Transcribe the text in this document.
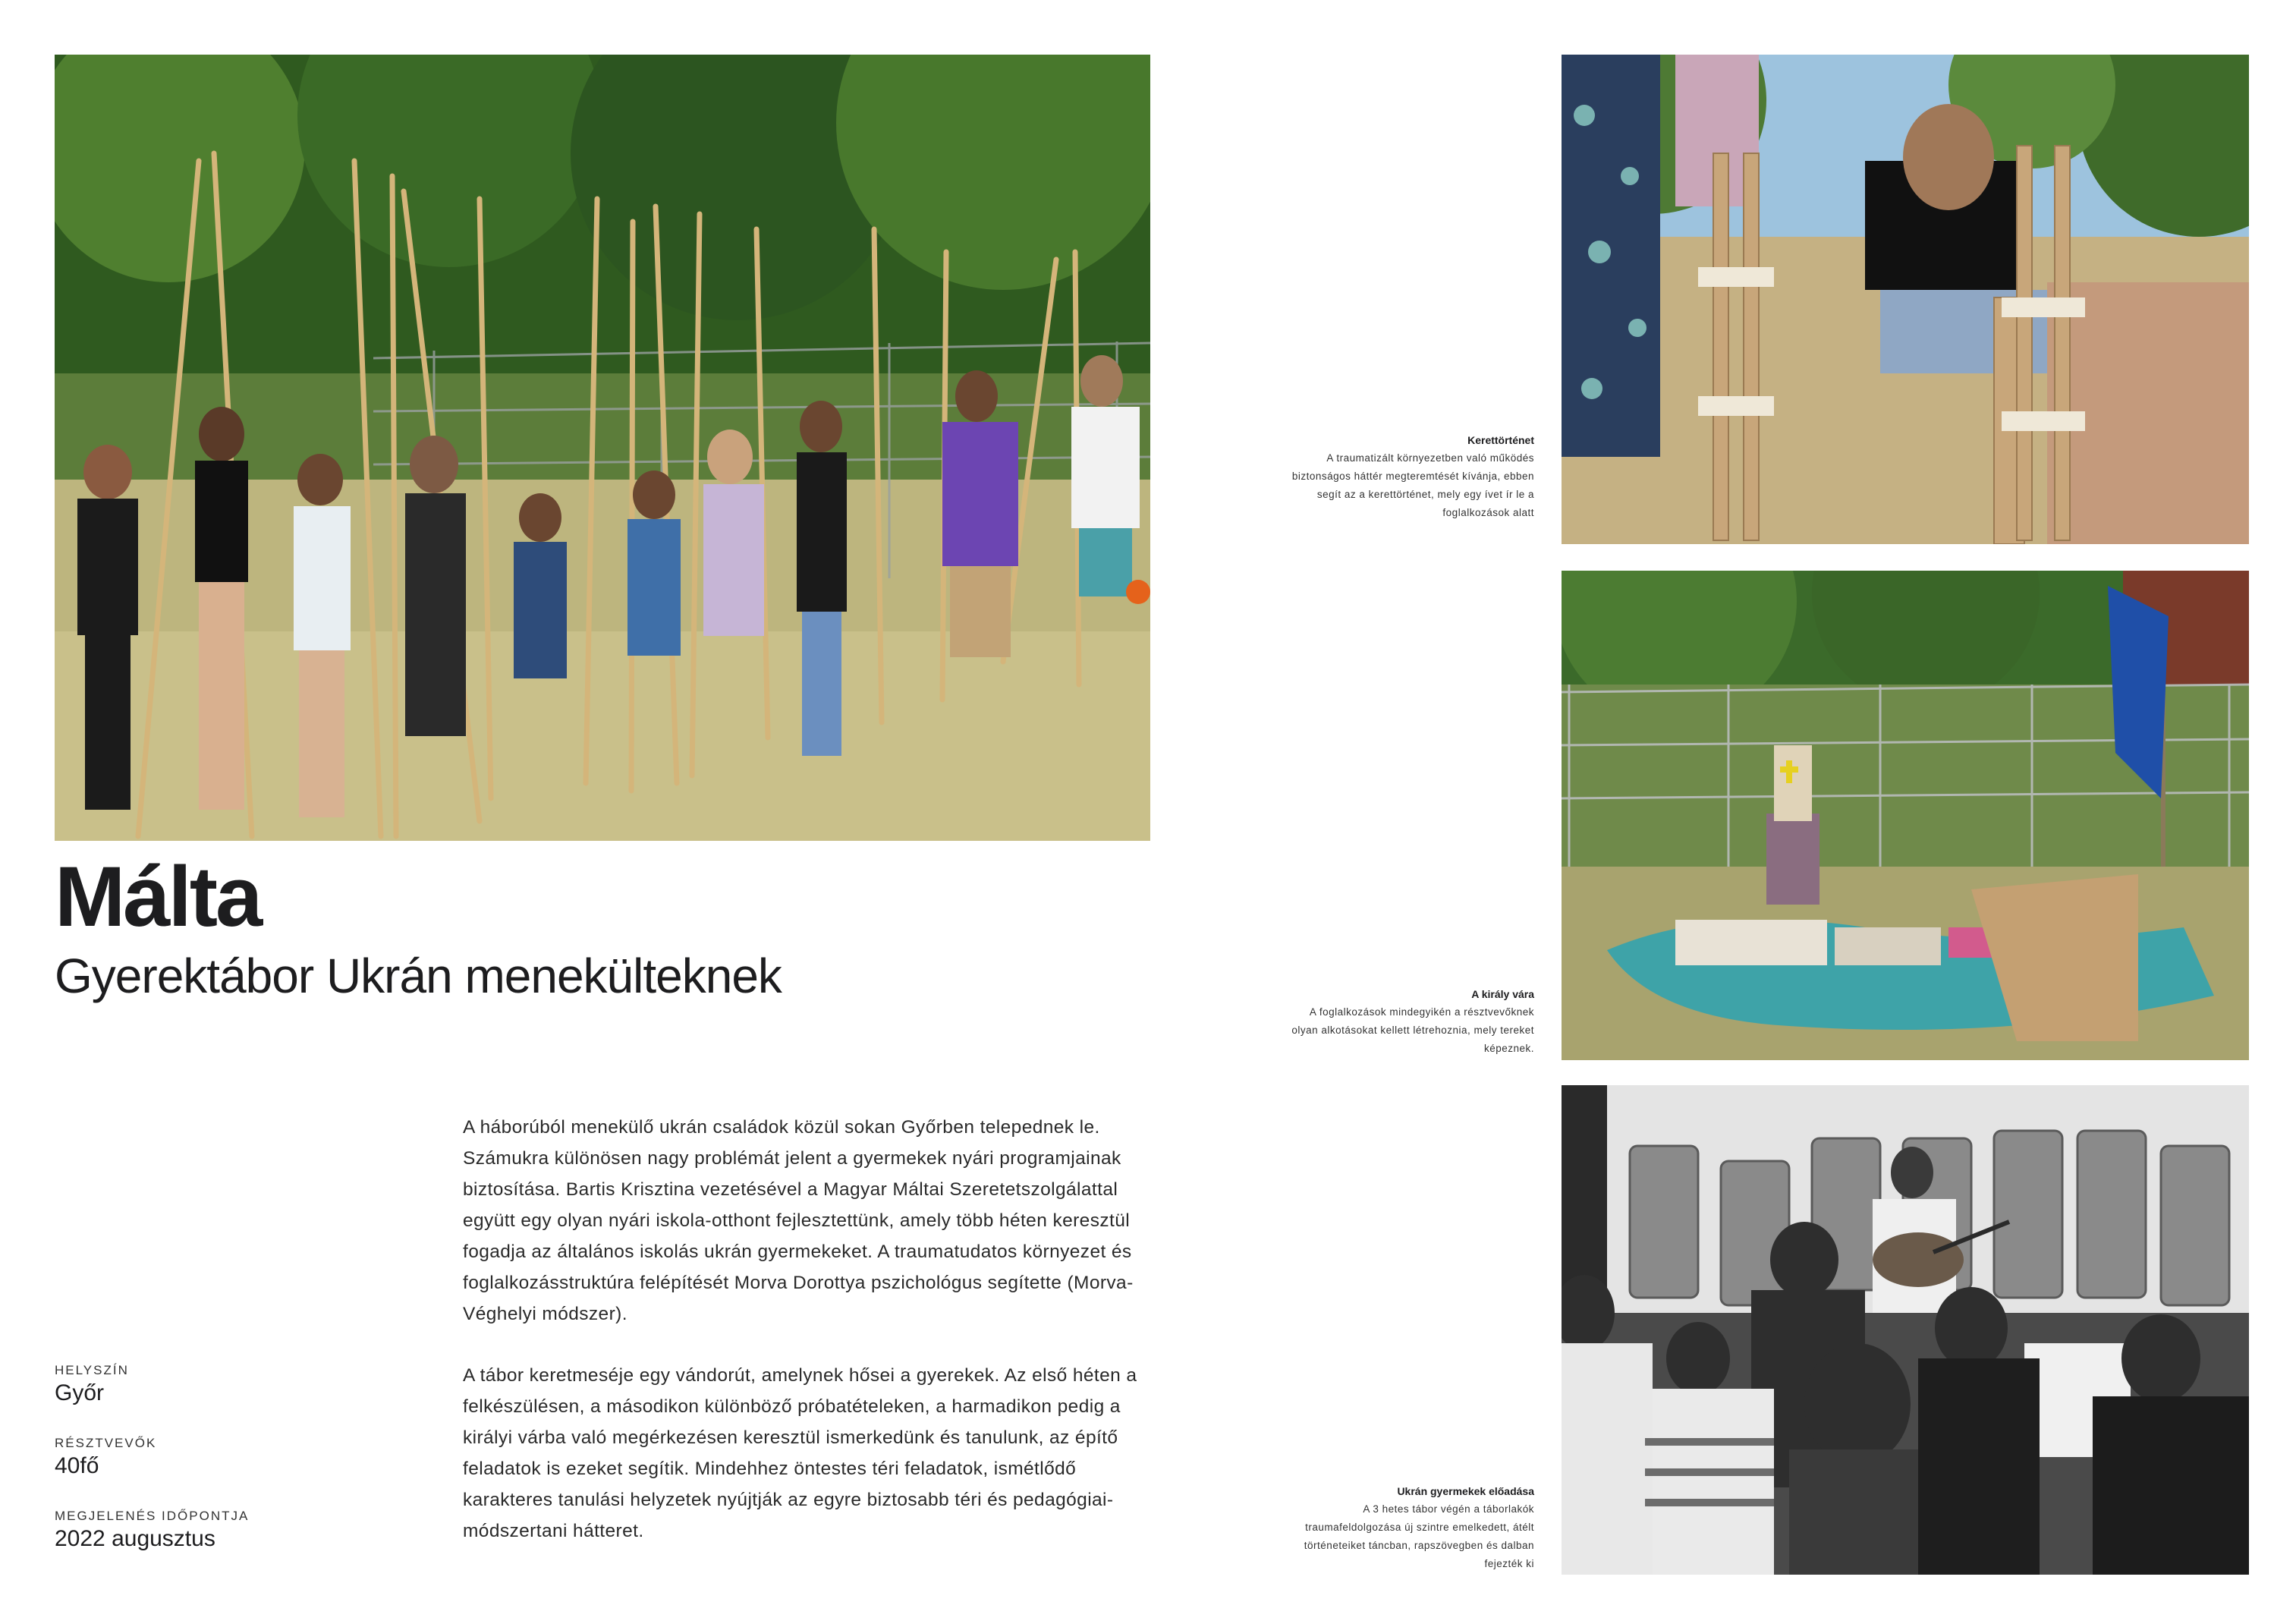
Málta
Gyerektábor Ukrán menekülteknek

A háborúból menekülő ukrán családok közül sokan Győrben telepednek le. Számukra különösen nagy problémát jelent a gyermekek nyári programjainak biztosítása. Bartis Krisztina vezetésével a Magyar Máltai Szeretetszolgálattal együtt egy olyan nyári iskola-otthont fejlesztettünk, amely több héten keresztül fogadja az általános iskolás ukrán gyermekeket. A traumatudatos környezet és foglalkozásstruktúra felépítését Morva Dorottya pszichológus segítette (Morva-Véghelyi módszer).

A tábor keretmeséje egy vándorút, amelynek hősei a gyerekek. Az első héten a felkészülésen, a másodikon különböző próbatételeken, a harmadikon pedig a királyi várba való megérkezésen keresztül ismerkedünk és tanulunk, az építő feladatok is ezeket segítik. Mindehhez öntestes téri feladatok, ismétlődő karakteres tanulási helyzetek nyújtják az egyre biztosabb téri és pedagógiai-módszertani hátteret.

HELYSZÍN
Győr
RÉSZTVEVŐK
40fő
MEGJELENÉS IDŐPONTJA
2022 augusztus
Kerettörténet
A traumatizált környezetben való működés biztonságos háttér megteremtését kívánja, ebben segít az a kerettörténet, mely egy ívet ír le a foglalkozások alatt
A király vára
A foglalkozások mindegyikén a résztvevőknek olyan alkotásokat kellett létrehoznia, mely tereket képeznek.
Ukrán gyermekek előadása
A 3 hetes tábor végén a táborlakók traumafeldolgozása új szintre emelkedett, átélt történeteiket táncban, rapszövegben és dalban fejezték ki
